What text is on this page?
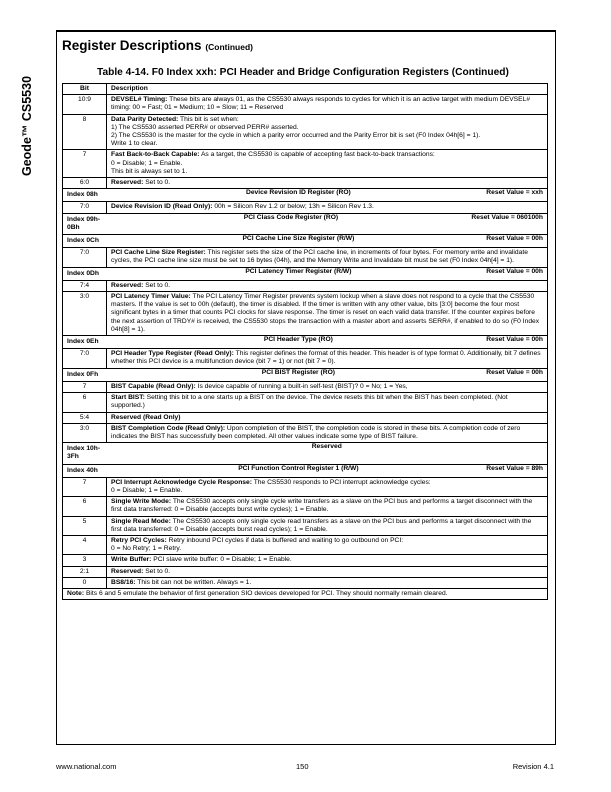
Geode™ CS5530
Register Descriptions (Continued)
Table 4-14. F0 Index xxh: PCI Header and Bridge Configuration Registers (Continued)
Bit	Description
10:9	DEVSEL# Timing: These bits are always 01, as the CS5530 always responds to cycles for which it is an active target with medium DEVSEL# timing: 00 = Fast; 01 = Medium; 10 = Slow; 11 = Reserved

8	Data Parity Detected: This bit is set when:
1) The CS5530 asserted PERR# or observed PERR# asserted.
2) The CS5530 is the master for the cycle in which a parity error occurred and the Parity Error bit is set (F0 Index 04h[6] = 1).
Write 1 to clear.

7	Fast Back-to-Back Capable: As a target, the CS5530 is capable of accepting fast back-to-back transactions:
0 = Disable; 1 = Enable.
This bit is always set to 1.

6:0	Reserved: Set to 0.

Index 08h	Device Revision ID Register (RO) Reset Value = xxh

7:0	Device Revision ID (Read Only): 00h = Silicon Rev 1.2 or below; 13h = Silicon Rev 1.3.

Index 09h-0Bh	PCI Class Code Register (RO) Reset Value = 060100h

Index 0Ch	PCI Cache Line Size Register (R/W) Reset Value = 00h

7:0	PCI Cache Line Size Register: This register sets the size of the PCI cache line, in increments of four bytes. For memory write and invalidate cycles, the PCI cache line size must be set to 16 bytes (04h), and the Memory Write and Invalidate bit must be set (F0 Index 04h[4] = 1).

Index 0Dh	PCI Latency Timer Register (R/W) Reset Value = 00h

7:4	Reserved: Set to 0.

3:0	PCI Latency Timer Value: The PCI Latency Timer Register prevents system lockup when a slave does not respond to a cycle that the CS5530 masters. If the value is set to 00h (default), the timer is disabled. If the timer is written with any other value, bits [3:0] become the four most significant bytes in a timer that counts PCI clocks for slave response. The timer is reset on each valid data transfer. If the counter expires before the next assertion of TRDY# is received, the CS5530 stops the transaction with a master abort and asserts SERR#, if enabled to do so (F0 Index 04h[8] = 1).

Index 0Eh	PCI Header Type (RO) Reset Value = 00h

7:0	PCI Header Type Register (Read Only): This register defines the format of this header. This header is of type format 0. Additionally, bit 7 defines whether this PCI device is a multifunction device (bit 7 = 1) or not (bit 7 = 0).

Index 0Fh	PCI BIST Register (RO) Reset Value = 00h

7	BIST Capable (Read Only): Is device capable of running a built-in self-test (BIST)? 0 = No; 1 = Yes,

6	Start BIST: Setting this bit to a one starts up a BIST on the device. The device resets this bit when the BIST has been completed. (Not supported.)

5:4	Reserved (Read Only)

3:0	BIST Completion Code (Read Only): Upon completion of the BIST, the completion code is stored in these bits. A completion code of zero indicates the BIST has successfully been completed. All other values indicate some type of BIST failure.

Index 10h-3Fh	Reserved

Index 40h	PCI Function Control Register 1 (R/W) Reset Value = 89h

7	PCI Interrupt Acknowledge Cycle Response: The CS5530 responds to PCI interrupt acknowledge cycles:
0 = Disable; 1 = Enable.

6	Single Write Mode: The CS5530 accepts only single cycle write transfers as a slave on the PCI bus and performs a target disconnect with the first data transferred: 0 = Disable (accepts burst write cycles); 1 = Enable.

5	Single Read Mode: The CS5530 accepts only single cycle read transfers as a slave on the PCI bus and performs a target disconnect with the first data transferred: 0 = Disable (accepts burst read cycles); 1 = Enable.

4	Retry PCI Cycles: Retry inbound PCI cycles if data is buffered and waiting to go outbound on PCI:
0 = No Retry; 1 = Retry.

3	Write Buffer: PCI slave write buffer: 0 = Disable; 1 = Enable.

2:1	Reserved: Set to 0.

0	BS8/16: This bit can not be written. Always = 1.

Note: Bits 6 and 5 emulate the behavior of first generation SIO devices developed for PCI. They should normally remain cleared.	
www.national.com	150	Revision 4.1
